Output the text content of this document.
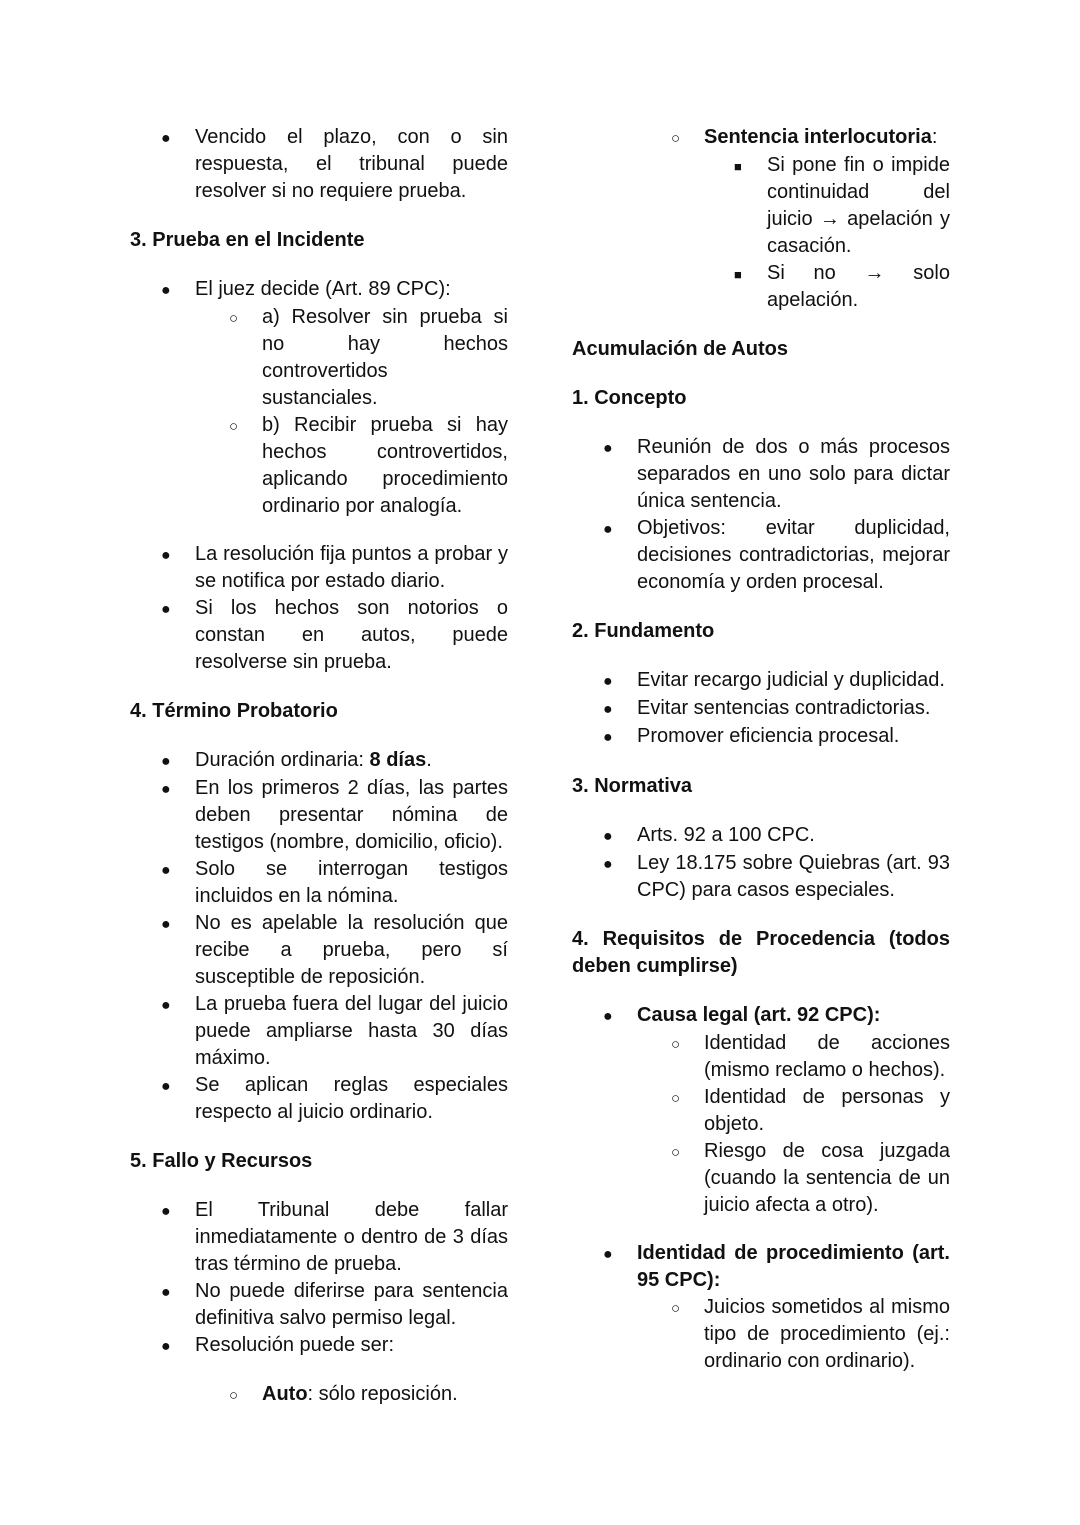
●	Vencido el plazo, con o sin respuesta, el tribunal puede resolver si no requiere prueba.
3. Prueba en el Incidente
●	El juez decide (Art. 89 CPC):
○	a) Resolver sin prueba si no hay hechos controvertidos sustanciales.
○	b) Recibir prueba si hay hechos controvertidos, aplicando procedimiento ordinario por analogía.
●	La resolución fija puntos a probar y se notifica por estado diario.
●	Si los hechos son notorios o constan en autos, puede resolverse sin prueba.
4. Término Probatorio
●	Duración ordinaria: 8 días.
●	En los primeros 2 días, las partes deben presentar nómina de testigos (nombre, domicilio, oficio).
●	Solo se interrogan testigos incluidos en la nómina.
●	No es apelable la resolución que recibe a prueba, pero sí susceptible de reposición.
●	La prueba fuera del lugar del juicio puede ampliarse hasta 30 días máximo.
●	Se aplican reglas especiales respecto al juicio ordinario.
5. Fallo y Recursos
●	El Tribunal debe fallar inmediatamente o dentro de 3 días tras término de prueba.
●	No puede diferirse para sentencia definitiva salvo permiso legal.
●	Resolución puede ser:
○	Auto: sólo reposición.
○	Sentencia interlocutoria:
■	Si pone fin o impide continuidad del juicio → apelación y casación.
■	Si no → solo apelación.
Acumulación de Autos
1. Concepto
●	Reunión de dos o más procesos separados en uno solo para dictar única sentencia.
●	Objetivos: evitar duplicidad, decisiones contradictorias, mejorar economía y orden procesal.
2. Fundamento
●	Evitar recargo judicial y duplicidad.
●	Evitar sentencias contradictorias.
●	Promover eficiencia procesal.
3. Normativa
●	Arts. 92 a 100 CPC.
●	Ley 18.175 sobre Quiebras (art. 93 CPC) para casos especiales.
4. Requisitos de Procedencia (todos deben cumplirse)
●	Causa legal (art. 92 CPC):
○	Identidad de acciones (mismo reclamo o hechos).
○	Identidad de personas y objeto.
○	Riesgo de cosa juzgada (cuando la sentencia de un juicio afecta a otro).
●	Identidad de procedimiento (art. 95 CPC):
○	Juicios sometidos al mismo tipo de procedimiento (ej.: ordinario con ordinario).
